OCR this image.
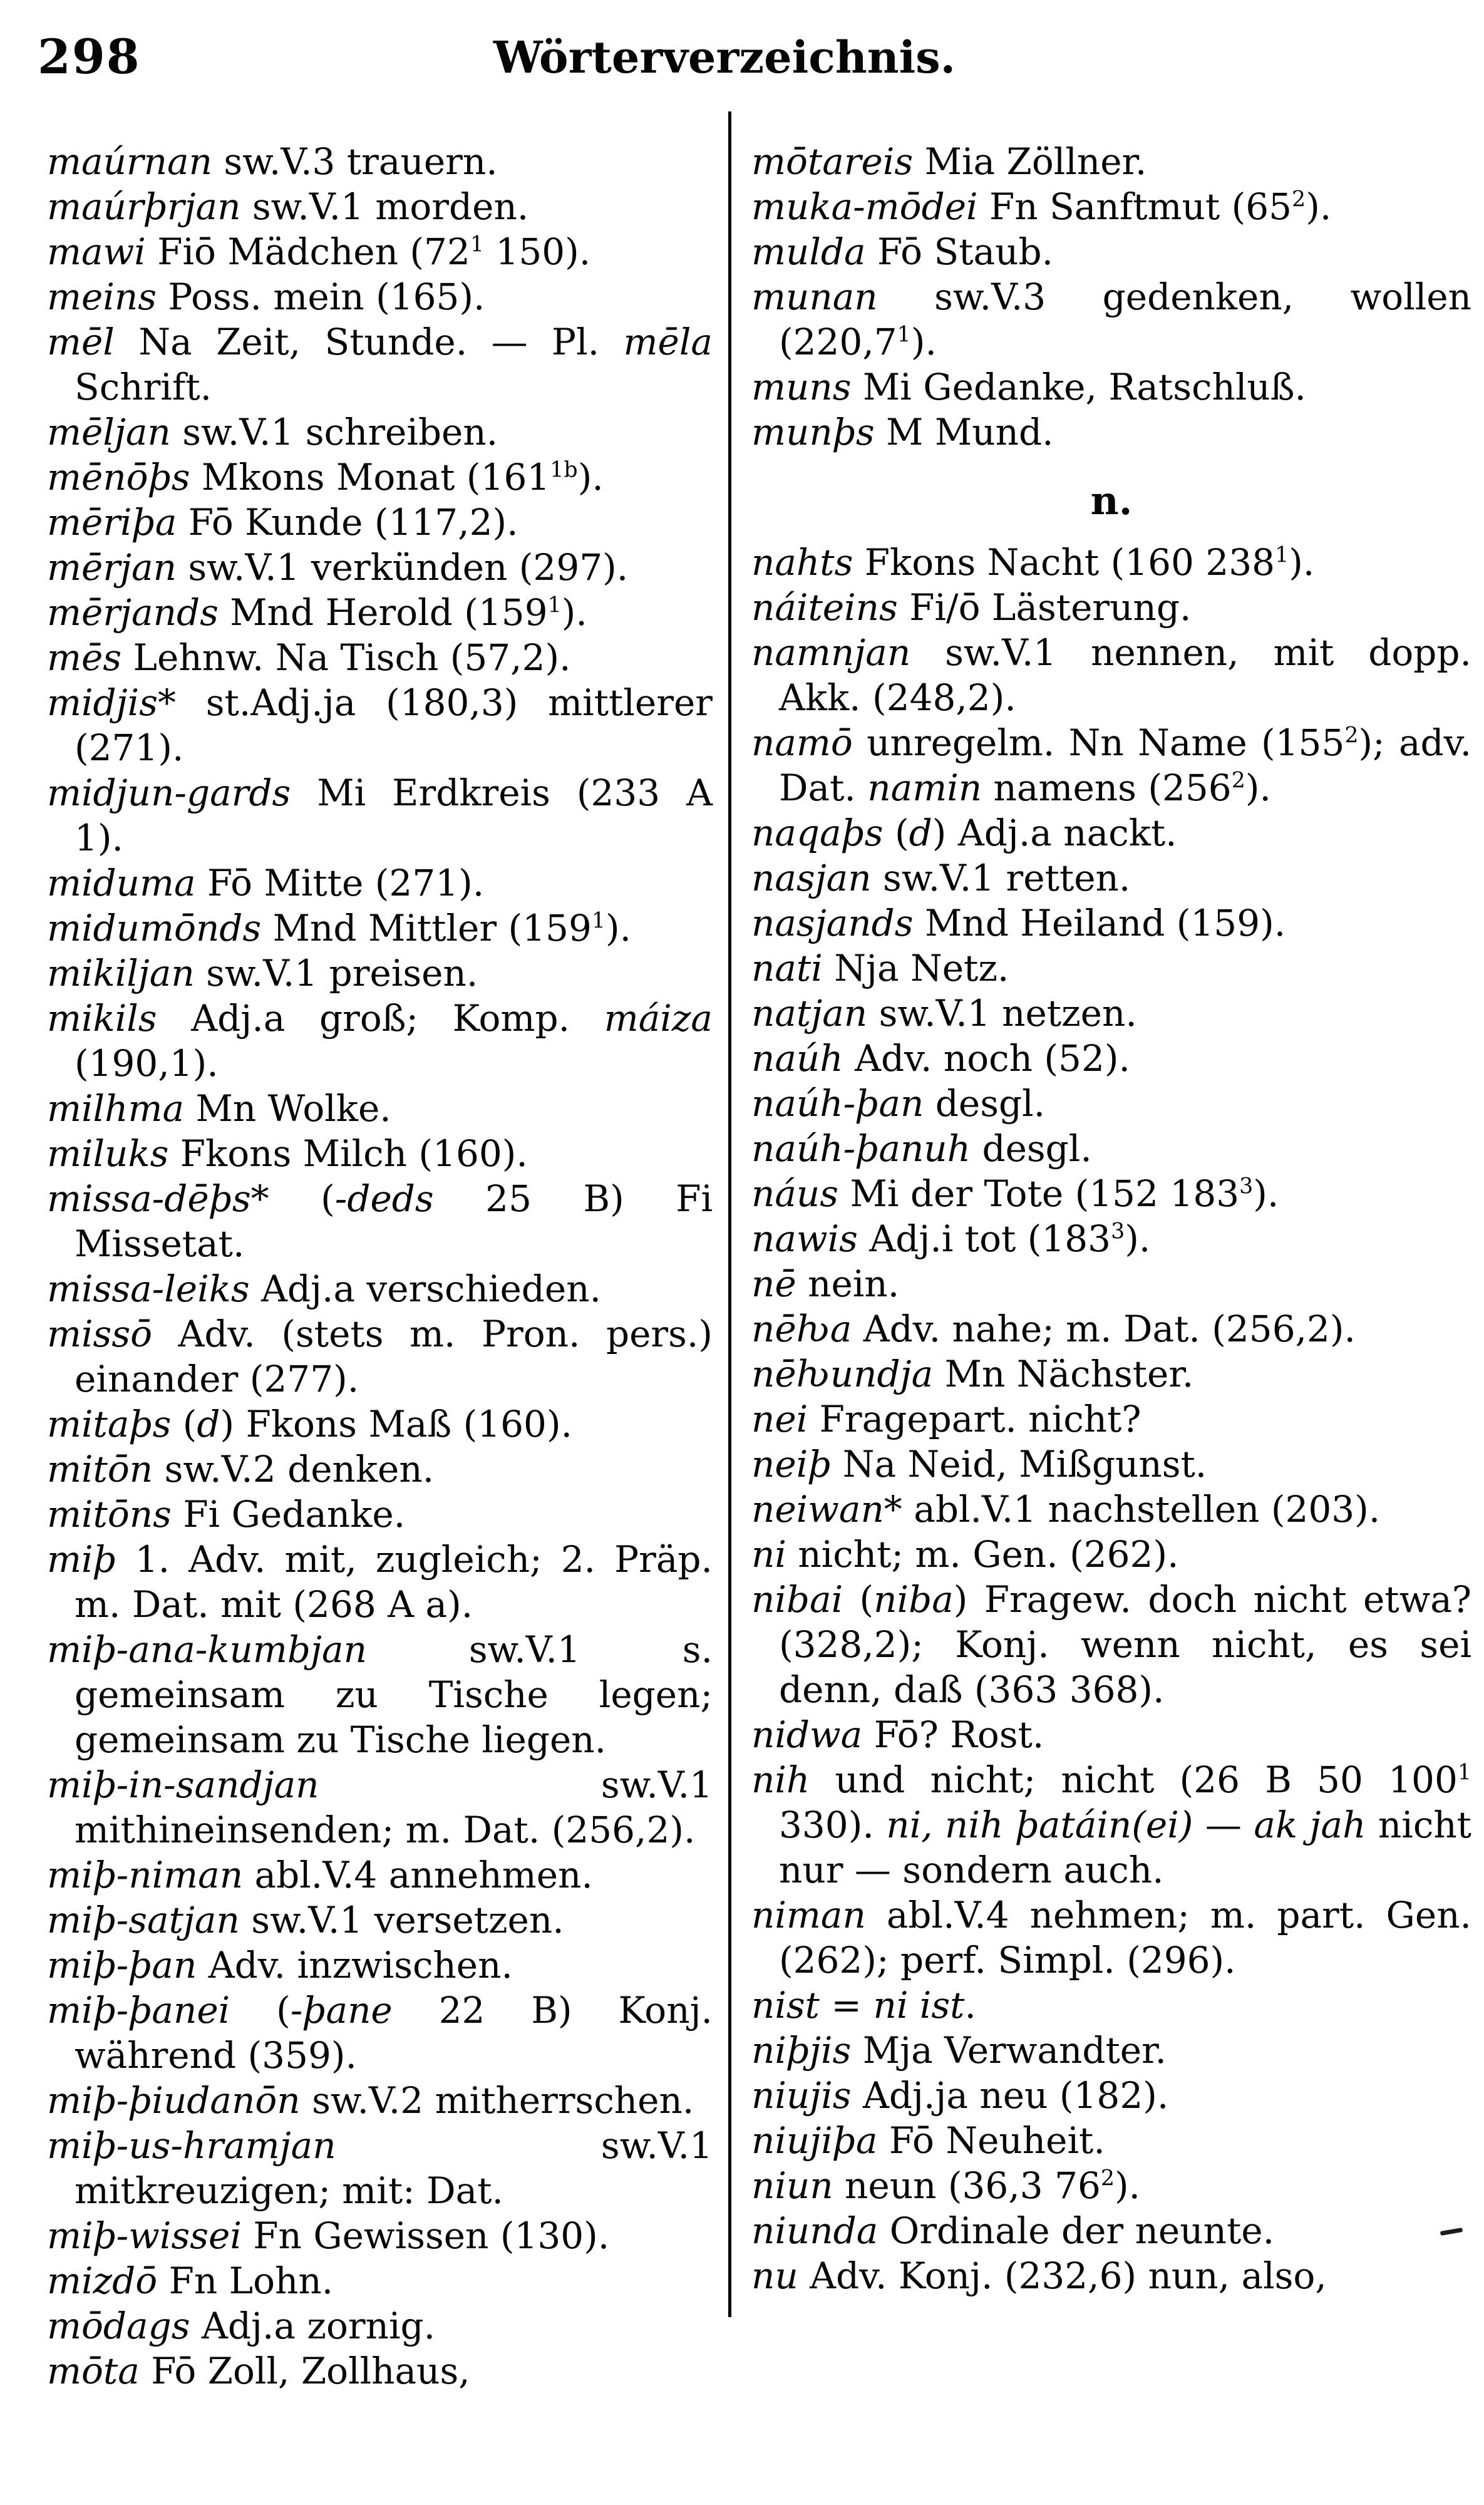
298	Wörterverzeichnis.

maúrnan sw.V.3 trauern.

maúrþrjan sw.V.1 morden.

mawi Fiō Mädchen ($72^1$ 150).

meins Poss. mein (165).

mēl Na Zeit, Stunde. — Pl. mēla Schrift.

mēljan sw.V.1 schreiben.

mēnōþs Mkons Monat $(161^{1b})$.

mēriþa Fō Kunde (117,2).

mērjan sw.V.1 verkünden (297).

mērjands Mnd Herold $(159^1)$.

mēs Lehnw. Na Tisch (57,2).

midjis* st.Adj.ja (180,3) mittlerer (271).

midjun-gards Mi Erdkreis (233 A 1).

miduma Fō Mitte (271).

midumōnds Mnd Mittler $(159^1)$.

mikiljan sw.V.1 preisen.

mikils Adj.a groß; Komp. máiza (190,1).

milhma Mn Wolke.

miluks Fkons Milch (160).

missa-dēþs* (-deds 25 B) Fi Missetat.

missa-leiks Adj.a verschieden.

missō Adv. (stets m. Pron. pers.) einander (277).

mitaþs (d) Fkons Maß (160).

mitōn sw.V.2 denken.

mitōns Fi Gedanke.

miþ 1. Adv. mit, zugleich; 2. Präp. m. Dat. mit (268 A a).

miþ-ana-kumbjan sw.V.1 s. gemeinsam zu Tische legen; gemeinsam zu Tische liegen.

miþ-in-sandjan sw.V.1 mithineinsenden; m. Dat. (256,2).

miþ-niman abl.V.4 annehmen.

miþ-satjan sw.V.1 versetzen.

miþ-þan Adv. inzwischen.

miþ-þanei (-þane 22 B) Konj. während (359).

miþ-þiudanōn sw.V.2 mitherrschen.

miþ-us-hramjan sw.V.1 mitkreuzigen; mit: Dat.

miþ-wissei Fn Gewissen (130).

mizdō Fn Lohn.

mōdags Adj.a zornig.

mōta Fō Zoll, Zollhaus,

mōtareis Mia Zöllner.

muka-mōdei Fn Sanftmut $(65^2)$.

mulda Fō Staub.

munan sw.V.3 gedenken, wollen (220,7$^1$).

muns Mi Gedanke, Ratschluß.

munþs M Mund.

n.

nahts Fkons Nacht (160 $238^1$).

náiteins Fi/ō Lästerung.

namnjan sw.V.1 nennen, mit dopp. Akk. (248,2).

namō unregelm. Nn Name $(155^2)$; adv. Dat. namin namens $(256^2)$.

naqaþs (d) Adj.a nackt.

nasjan sw.V.1 retten.

nasjands Mnd Heiland (159).

nati Nja Netz.

natjan sw.V.1 netzen.

naúh Adv. noch (52).

naúh-þan desgl.

naúh-þanuh desgl.

náus Mi der Tote (152 $183^3$).

nawis Adj.i tot $(183^3)$.

nē nein.

nēƕa Adv. nahe; m. Dat. (256,2).

nēƕundja Mn Nächster.

nei Fragepart. nicht?

neiþ Na Neid, Mißgunst.

neiwan* abl.V.1 nachstellen (203).

ni nicht; m. Gen. (262).

nibai (niba) Fragew. doch nicht etwa? (328,2); Konj. wenn nicht, es sei denn, daß (363 368).

nidwa Fō? Rost.

nih und nicht; nicht (26 B 50 $100^1$ 330). ni, nih þatáin(ei) — ak jah nicht nur — sondern auch.

niman abl.V.4 nehmen; m. part. Gen. (262); perf. Simpl. (296).

nist = ni ist.

niþjis Mja Verwandter.

niujis Adj.ja neu (182).

niujiþa Fō Neuheit.

niun neun (36,3 $76^2$).

niunda Ordinale der neunte.

nu Adv. Konj. (232,6) nun, also,
